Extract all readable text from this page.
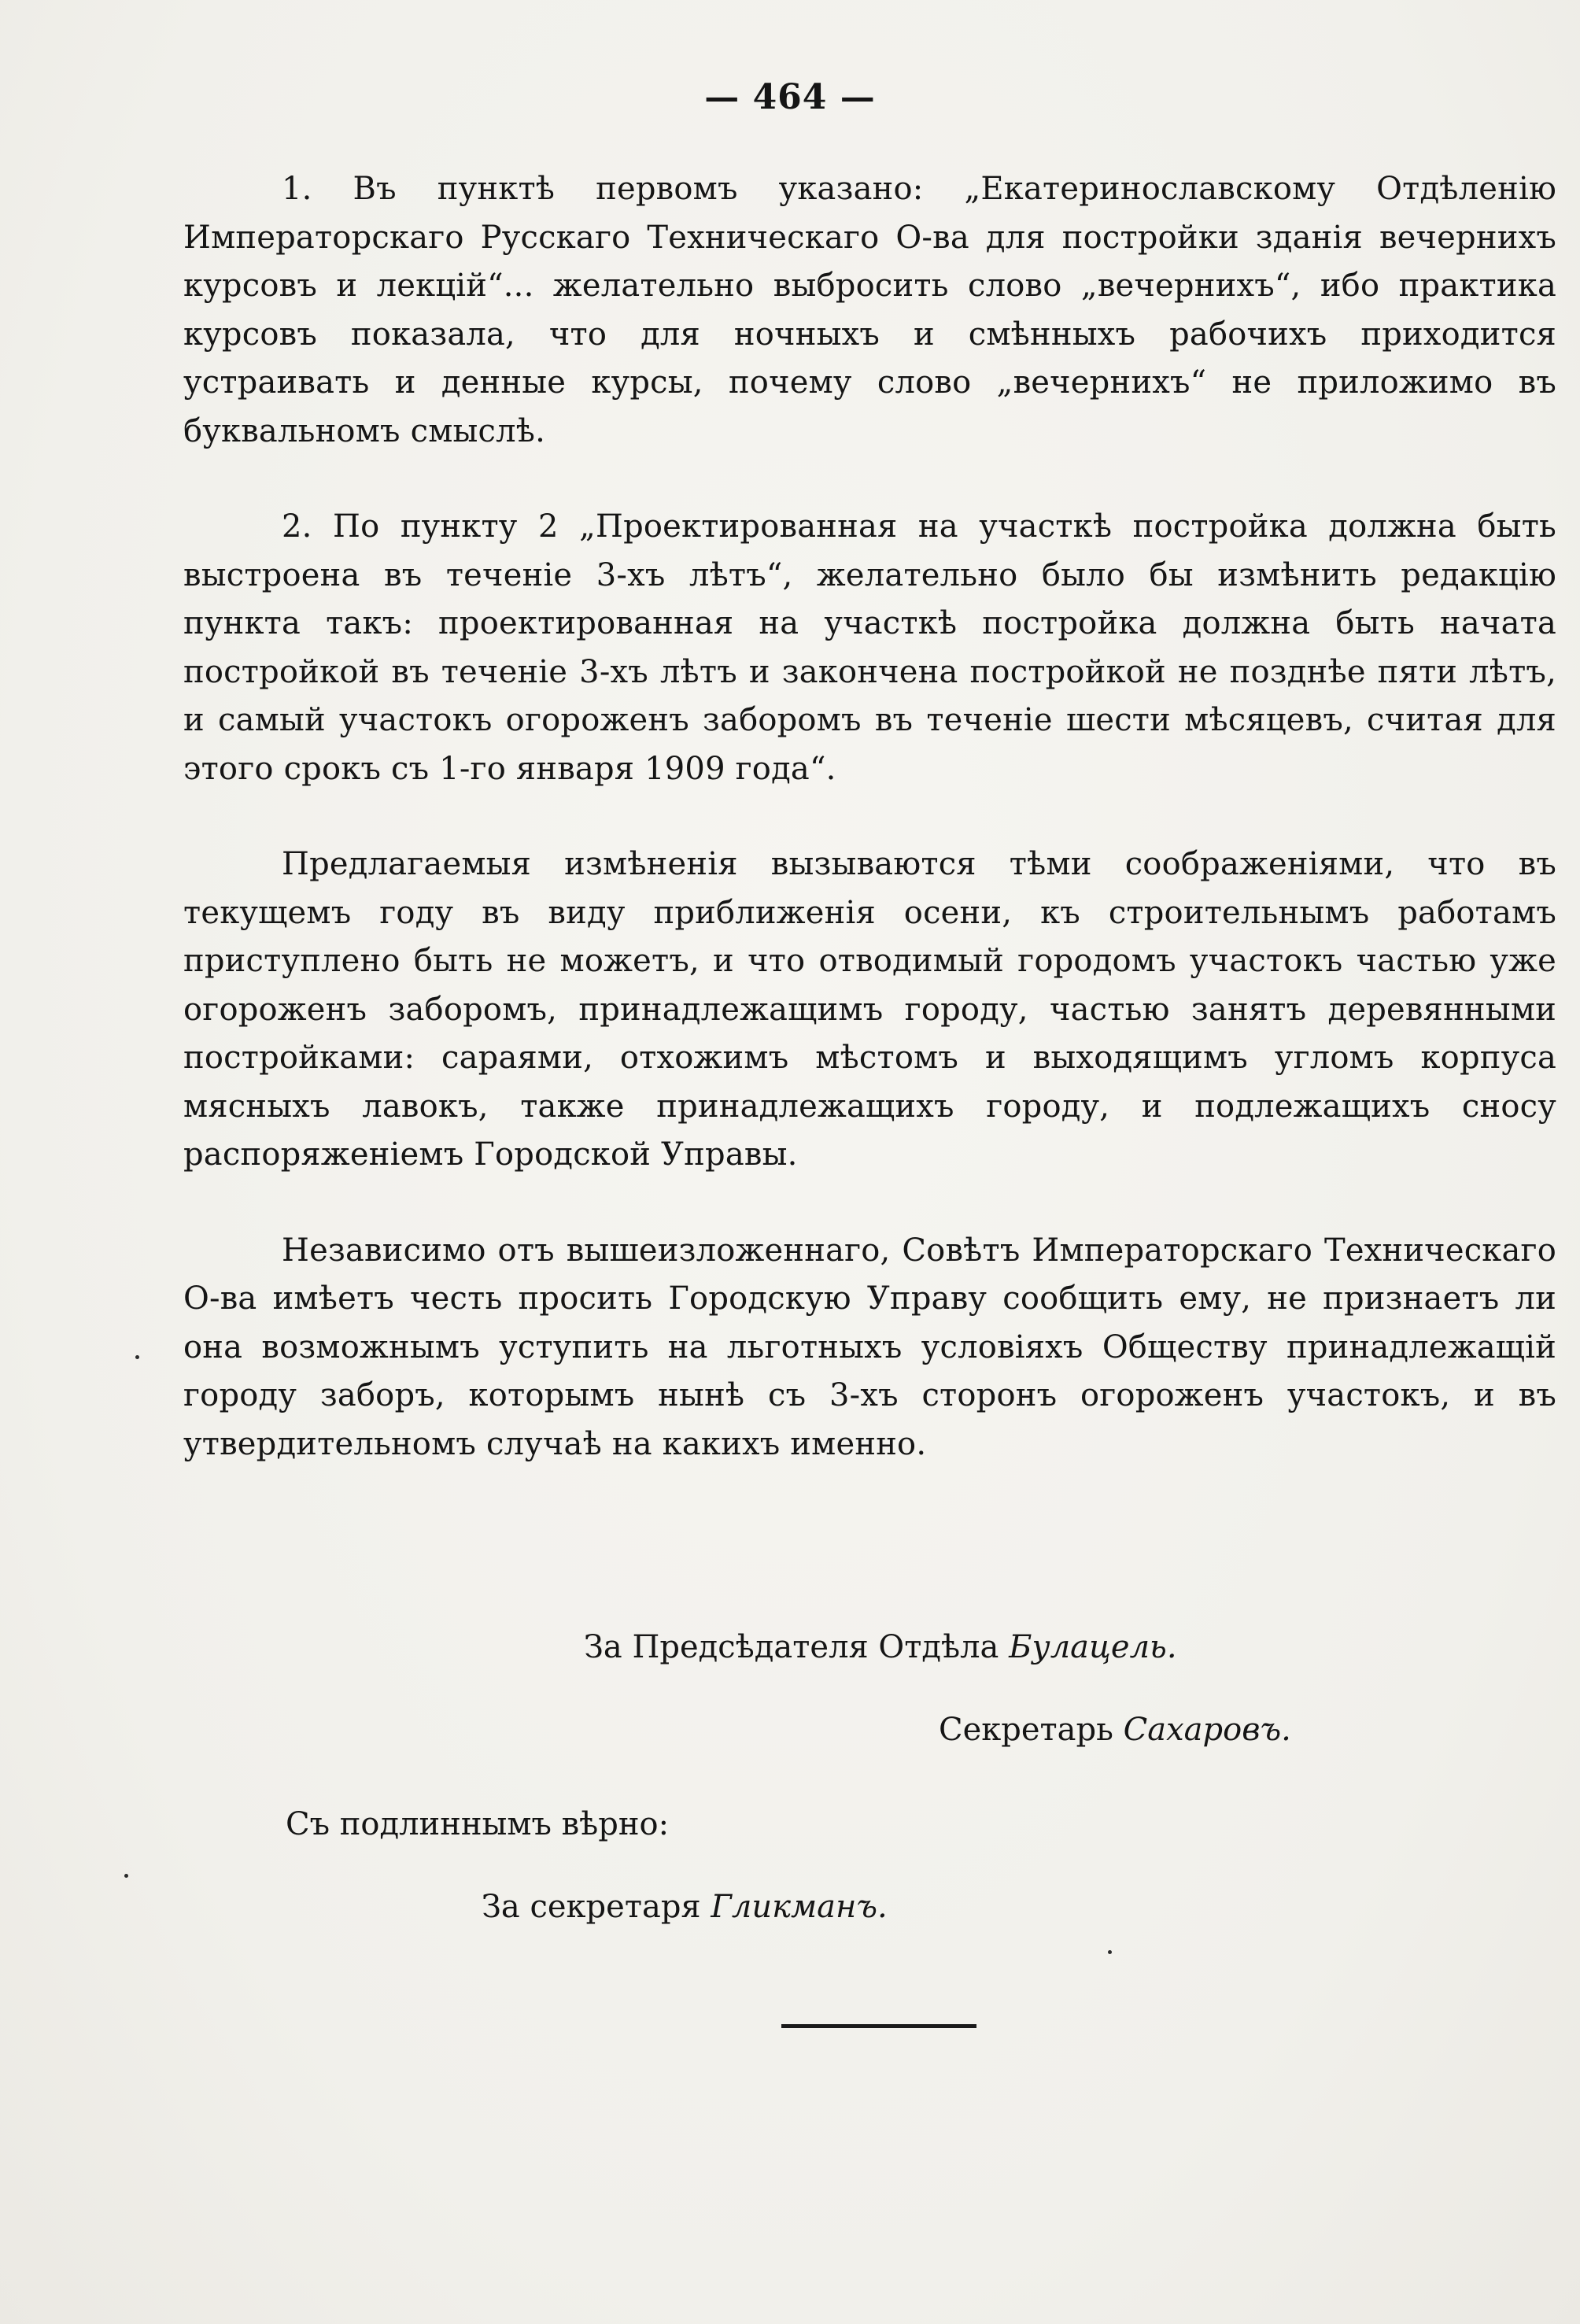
— 464 —

1. Въ пунктѣ первомъ указано: „Екатеринославскому Отдѣленію Императорскаго Русскаго Техническаго О-ва для постройки зданія вечернихъ курсовъ и лекцій“... желательно выбросить слово „вечернихъ“, ибо практика курсовъ показала, что для ночныхъ и смѣнныхъ рабочихъ приходится устраивать и денные курсы, почему слово „вечернихъ“ не приложимо въ буквальномъ смыслѣ.

2. По пункту 2 „Проектированная на участкѣ постройка должна быть выстроена въ теченіе 3-хъ лѣтъ“, желательно было бы измѣнить редакцію пункта такъ: проектированная на участкѣ постройка должна быть начата постройкой въ теченіе 3-хъ лѣтъ и закончена постройкой не позднѣе пяти лѣтъ, и самый участокъ огороженъ заборомъ въ теченіе шести мѣсяцевъ, считая для этого срокъ съ 1-го января 1909 года“.

Предлагаемыя измѣненія вызываются тѣми соображеніями, что въ текущемъ году въ виду приближенія осени, къ строительнымъ работамъ приступлено быть не можетъ, и что отводимый городомъ участокъ частью уже огороженъ заборомъ, принадлежащимъ городу, частью занятъ деревянными постройками: сараями, отхожимъ мѣстомъ и выходящимъ угломъ корпуса мясныхъ лавокъ, также принадлежащихъ городу, и подлежащихъ сносу распоряженіемъ Городской Управы.

Независимо отъ вышеизложеннаго, Совѣтъ Императорскаго Техническаго О-ва имѣетъ честь просить Городскую Управу сообщить ему, не признаетъ ли она возможнымъ уступить на льготныхъ условіяхъ Обществу принадлежащій городу заборъ, которымъ нынѣ съ 3-хъ сторонъ огороженъ участокъ, и въ утвердительномъ случаѣ на какихъ именно.

За Предсѣдателя Отдѣла Булацель.
Секретарь Сахаровъ.
Съ подлиннымъ вѣрно:
За секретаря Гликманъ.
